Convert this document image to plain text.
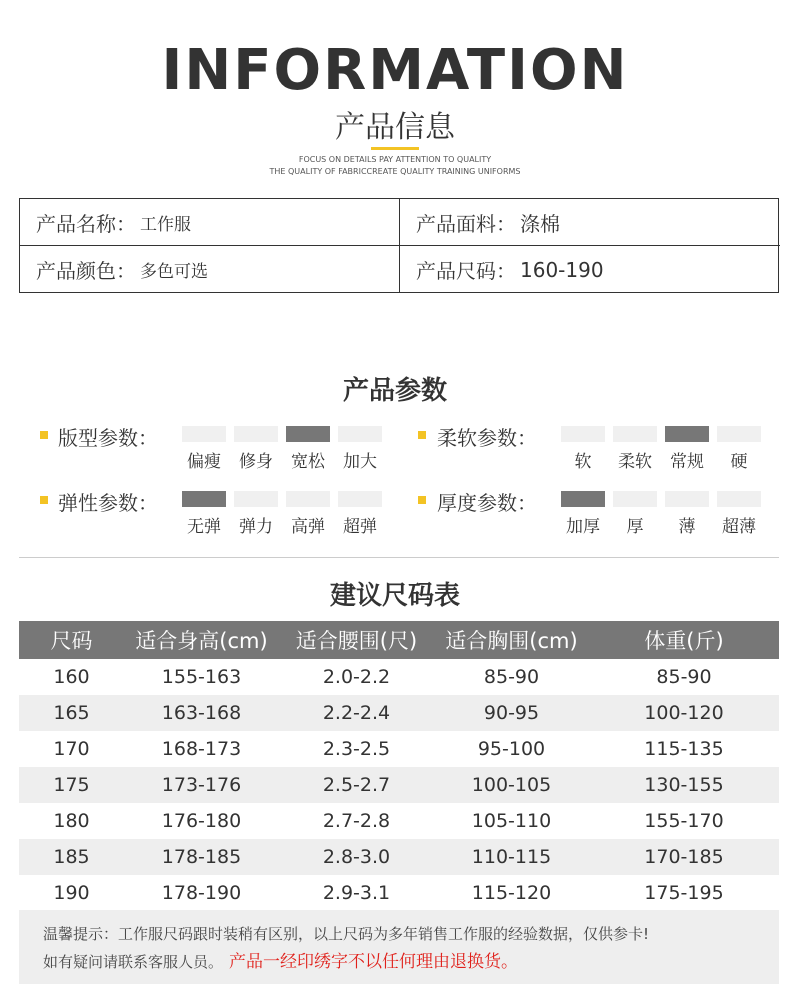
INFORMATION
产品信息
FOCUS ON DETAILS PAY ATTENTION TO QUALITY
THE QUALITY OF FABRICCREATE QUALITY TRAINING UNIFORMS
产品名称： 工作服	产品面料： 涤棉
产品颜色： 多色可选	产品尺码： 160-190
产品参数
版型参数：
偏瘦 修身 宽松 加大
柔软参数：
软 柔软 常规 硬
弹性参数：
无弹 弹力 高弹 超弹
厚度参数：
加厚 厚 薄 超薄
建议尺码表
尺码	适合身高(cm)	适合腰围(尺)	适合胸围(cm)	体重(斤)
160	155-163	2.0-2.2	85-90	85-90
165	163-168	2.2-2.4	90-95	100-120
170	168-173	2.3-2.5	95-100	115-135
175	173-176	2.5-2.7	100-105	130-155
180	176-180	2.7-2.8	105-110	155-170
185	178-185	2.8-3.0	110-115	170-185
190	178-190	2.9-3.1	115-120	175-195
温馨提示：工作服尺码跟时装稍有区别，以上尺码为多年销售工作服的经验数据，仅供参卡!
如有疑问请联系客服人员。 产品一经印绣字不以任何理由退换货。
